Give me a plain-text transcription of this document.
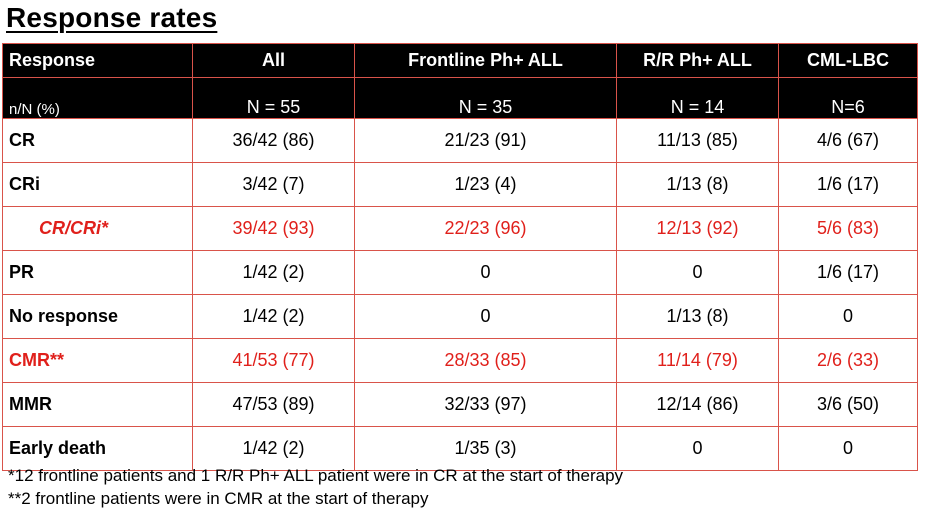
Response rates
Response	All	Frontline Ph+ ALL	R/R Ph+ ALL	CML-LBC
n/N (%)	N = 55	N = 35	N = 14	N=6
CR	36/42 (86)	21/23 (91)	11/13 (85)	4/6 (67)
CRi	3/42 (7)	1/23 (4)	1/13 (8)	1/6 (17)
CR/CRi*	39/42 (93)	22/23 (96)	12/13 (92)	5/6 (83)
PR	1/42 (2)	0	0	1/6 (17)
No response	1/42 (2)	0	1/13 (8)	0
CMR**	41/53 (77)	28/33 (85)	11/14 (79)	2/6 (33)
MMR	47/53 (89)	32/33 (97)	12/14 (86)	3/6 (50)
Early death	1/42 (2)	1/35 (3)	0	0
*12 frontline patients and 1 R/R Ph+ ALL patient were in CR at the start of therapy
**2 frontline patients were in CMR at the start of therapy
